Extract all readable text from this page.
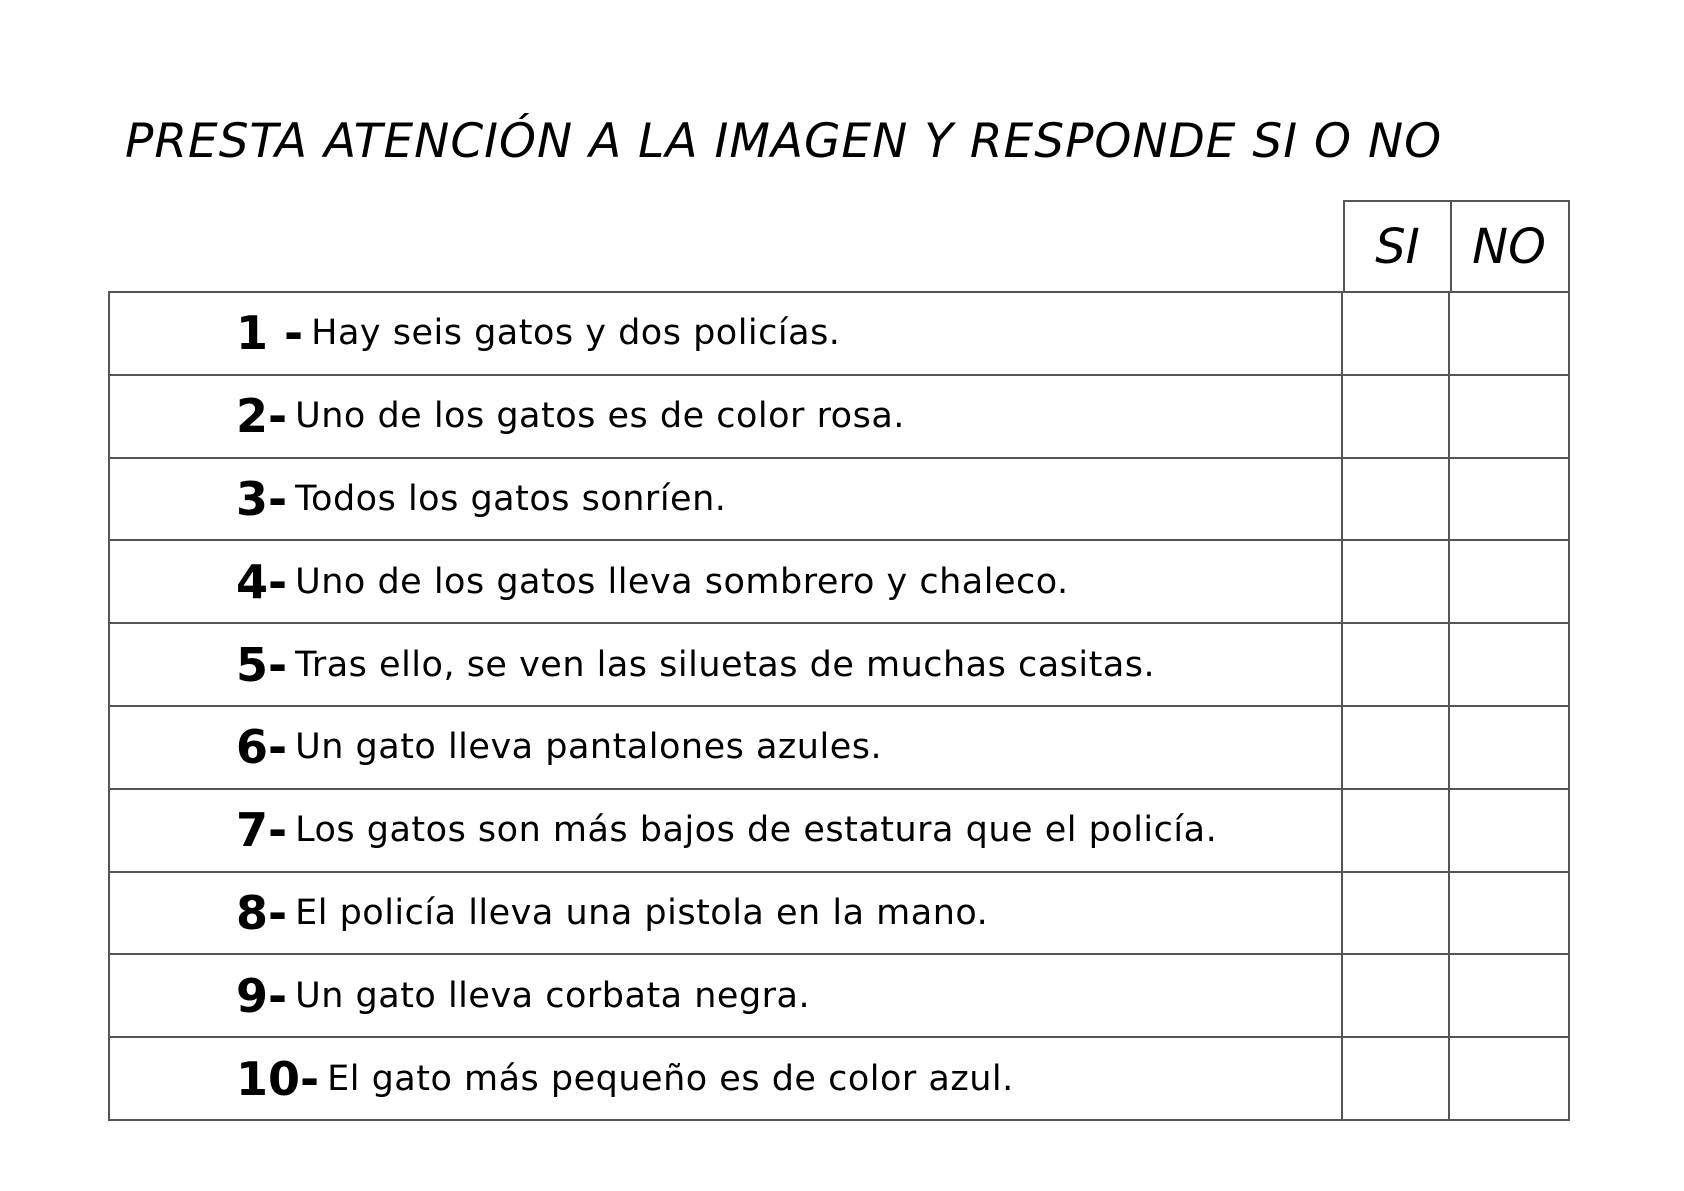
PRESTA ATENCIÓN A LA IMAGEN Y RESPONDE SI O NO
SI	NO
1 - Hay seis gatos y dos policías.
2- Uno de los gatos es de color rosa.
3- Todos los gatos sonríen.
4- Uno de los gatos lleva sombrero y chaleco.
5- Tras ello, se ven las siluetas de muchas casitas.
6- Un gato lleva pantalones azules.
7- Los gatos son más bajos de estatura que el policía.
8- El policía lleva una pistola en la mano.
9- Un gato lleva corbata negra.
10- El gato más pequeño es de color azul.
